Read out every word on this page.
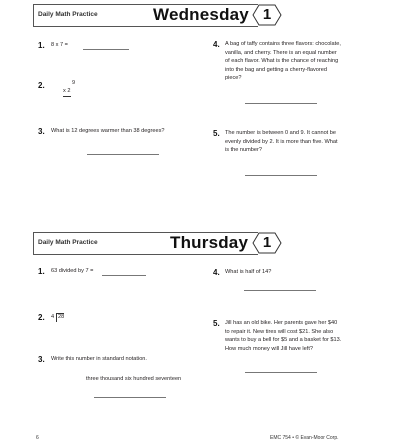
Daily Math Practice	Wednesday 1
1. 8 x 7 =
2.	9
x 2
3. What is 12 degrees warmer than 38 degrees?
4. A bag of taffy contains three flavors: chocolate,
vanilla, and cherry. There is an equal number
of each flavor. What is the chance of reaching
into the bag and getting a cherry-flavored
piece?
5. The number is between 0 and 9. It cannot be
evenly divided by 2. It is more than five. What
is the number?
Daily Math Practice	Thursday 1
1. 63 divided by 7 =
2. 4 28
3. Write this number in standard notation.
three thousand six hundred seventeen
4. What is half of 14?
5. Jill has an old bike. Her parents gave her $40
to repair it. New tires will cost $21. She also
wants to buy a bell for $5 and a basket for $13.
How much money will Jill have left?
6	EMC 754 • © Evan-Moor Corp.
